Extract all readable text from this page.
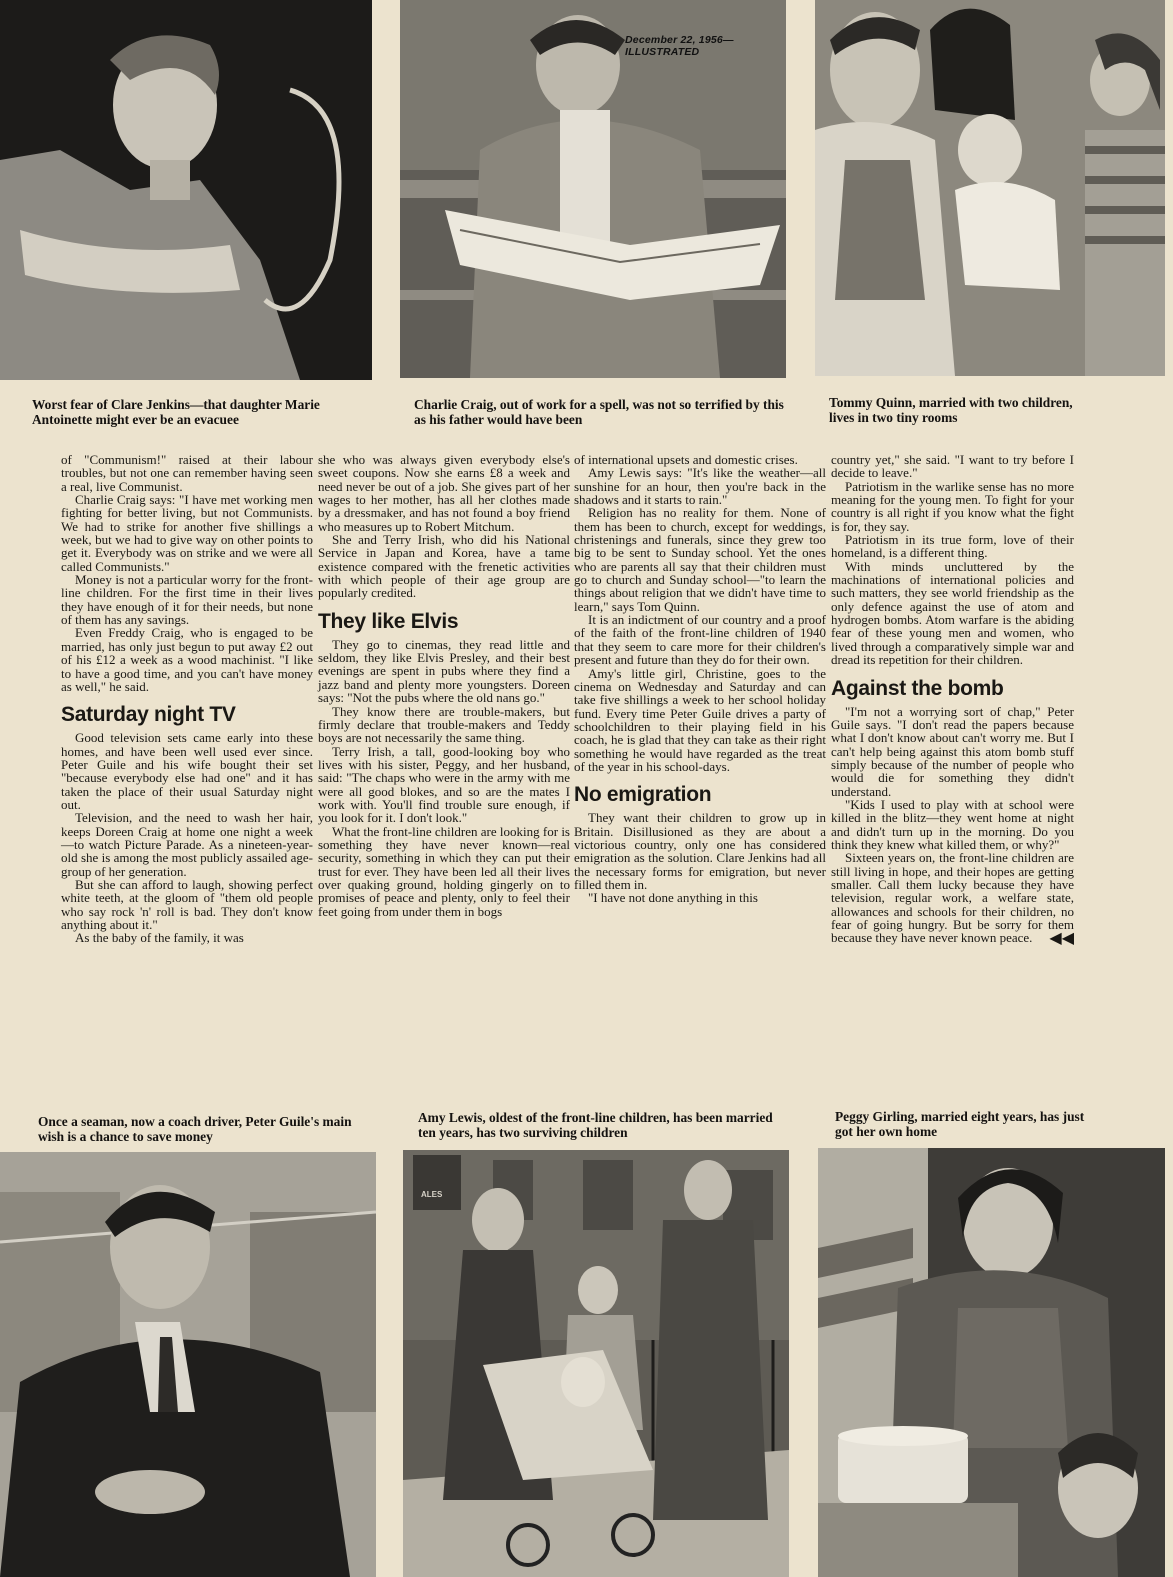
December 22, 1956—ILLUSTRATED
Worst fear of Clare Jenkins—that daughter Marie Antoinette might ever be an evacuee
Charlie Craig, out of work for a spell, was not so terrified by this as his father would have been
Tommy Quinn, married with two children, lives in two tiny rooms

of "Communism!" raised at their labour troubles, but not one can remember having seen a real, live Communist.

Charlie Craig says: "I have met working men fighting for better living, but not Communists. We had to strike for another five shillings a week, but we had to give way on other points to get it. Everybody was on strike and we were all called Communists."

Money is not a particular worry for the front-line children. For the first time in their lives they have enough of it for their needs, but none of them has any savings.

Even Freddy Craig, who is engaged to be married, has only just begun to put away £2 out of his £12 a week as a wood machinist. "I like to have a good time, and you can't have money as well," he said.

Saturday night TV

Good television sets came early into these homes, and have been well used ever since. Peter Guile and his wife bought their set "because everybody else had one" and it has taken the place of their usual Saturday night out.

Television, and the need to wash her hair, keeps Doreen Craig at home one night a week—to watch Picture Parade. As a nineteen-year-old she is among the most publicly assailed age-group of her generation.

But she can afford to laugh, showing perfect white teeth, at the gloom of "them old people who say rock 'n' roll is bad. They don't know anything about it."

As the baby of the family, it was

she who was always given everybody else's sweet coupons. Now she earns £8 a week and need never be out of a job. She gives part of her wages to her mother, has all her clothes made by a dressmaker, and has not found a boy friend who measures up to Robert Mitchum.

She and Terry Irish, who did his National Service in Japan and Korea, have a tame existence compared with the frenetic activities with which people of their age group are popularly credited.

They like Elvis

They go to cinemas, they read little and seldom, they like Elvis Presley, and their best evenings are spent in pubs where they find a jazz band and plenty more youngsters. Doreen says: "Not the pubs where the old nans go."

They know there are trouble-makers, but firmly declare that trouble-makers and Teddy boys are not necessarily the same thing.

Terry Irish, a tall, good-looking boy who lives with his sister, Peggy, and her husband, said: "The chaps who were in the army with me were all good blokes, and so are the mates I work with. You'll find trouble sure enough, if you look for it. I don't look."

What the front-line children are looking for is something they have never known—real security, something in which they can put their trust for ever. They have been led all their lives over quaking ground, holding gingerly on to promises of peace and plenty, only to feel their feet going from under them in bogs

of international upsets and domestic crises.

Amy Lewis says: "It's like the weather—all sunshine for an hour, then you're back in the shadows and it starts to rain."

Religion has no reality for them. None of them has been to church, except for weddings, christenings and funerals, since they grew too big to be sent to Sunday school. Yet the ones who are parents all say that their children must go to church and Sunday school—"to learn the things about religion that we didn't have time to learn," says Tom Quinn.

It is an indictment of our country and a proof of the faith of the front-line children of 1940 that they seem to care more for their children's present and future than they do for their own.

Amy's little girl, Christine, goes to the cinema on Wednesday and Saturday and can take five shillings a week to her school holiday fund. Every time Peter Guile drives a party of schoolchildren to their playing field in his coach, he is glad that they can take as their right something he would have regarded as the treat of the year in his school-days.

No emigration

They want their children to grow up in Britain. Disillusioned as they are about a victorious country, only one has considered emigration as the solution. Clare Jenkins had all the necessary forms for emigration, but never filled them in.

"I have not done anything in this

country yet," she said. "I want to try before I decide to leave."

Patriotism in the warlike sense has no more meaning for the young men. To fight for your country is all right if you know what the fight is for, they say.

Patriotism in its true form, love of their homeland, is a different thing.

With minds uncluttered by the machinations of international policies and such matters, they see world friendship as the only defence against the use of atom and hydrogen bombs. Atom warfare is the abiding fear of these young men and women, who lived through a comparatively simple war and dread its repetition for their children.

Against the bomb

"I'm not a worrying sort of chap," Peter Guile says. "I don't read the papers because what I don't know about can't worry me. But I can't help being against this atom bomb stuff simply because of the number of people who would die for something they didn't understand.

"Kids I used to play with at school were killed in the blitz—they went home at night and didn't turn up in the morning. Do you think they knew what killed them, or why?"

Sixteen years on, the front-line children are still living in hope, and their hopes are getting smaller. Call them lucky because they have television, regular work, a welfare state, allowances and schools for their children, no fear of going hungry. But be sorry for them because they have never known peace.	◀◀

Once a seaman, now a coach driver, Peter Guile's main wish is a chance to save money
Amy Lewis, oldest of the front-line children, has been married ten years, has two surviving children
Peggy Girling, married eight years, has just got her own home
ALES
